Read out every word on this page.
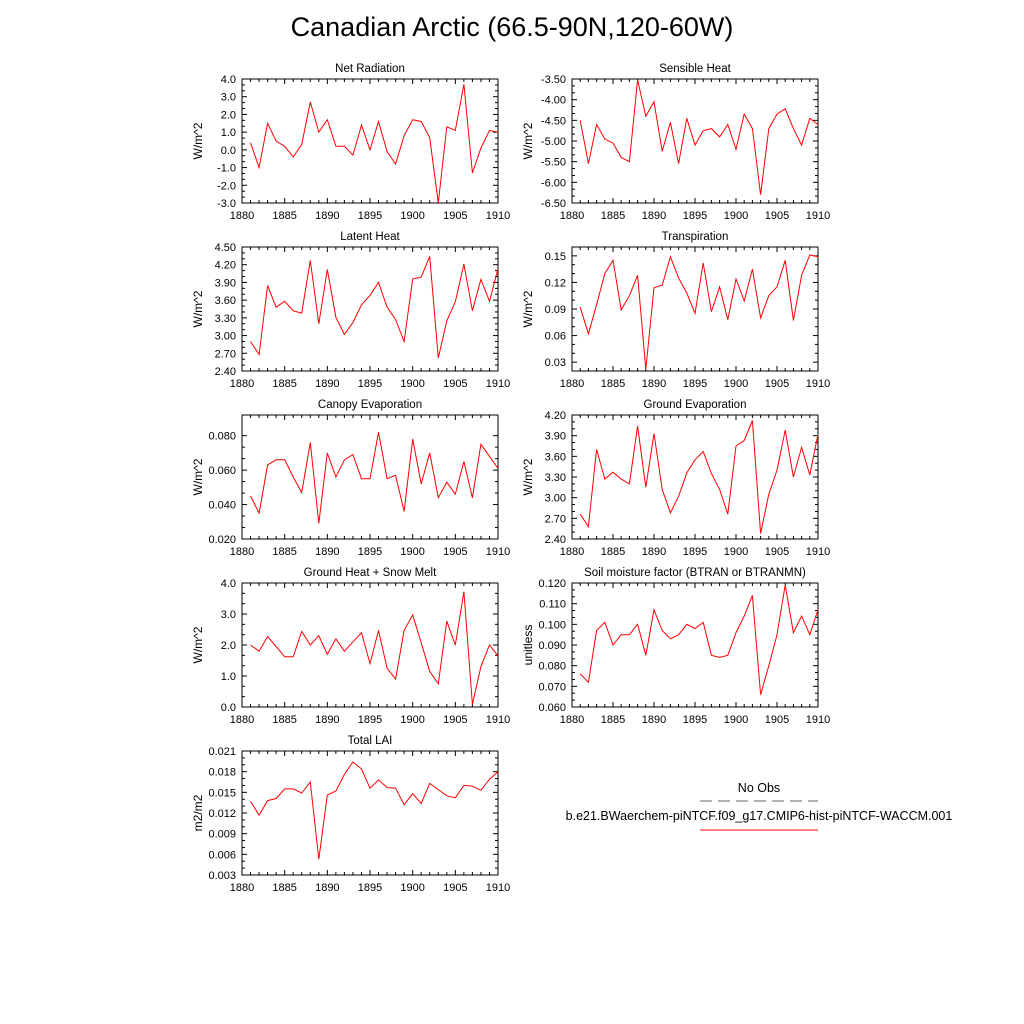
Canadian Arctic (66.5-90N,120-60W)
Net Radiation
W/m^2
1880 1885 1890 1895 1900 1905 1910
4.0
3.0
2.0
1.0
0.0
-1.0
-2.0
-3.0
Sensible Heat
W/m^2
1880 1885 1890 1895 1900 1905 1910
-3.50
-4.00
-4.50
-5.00
-5.50
-6.00
-6.50
Latent Heat
W/m^2
1880 1885 1890 1895 1900 1905 1910
4.50
4.20
3.90
3.60
3.30
3.00
2.70
2.40
Transpiration
W/m^2
1880 1885 1890 1895 1900 1905 1910
0.15
0.12
0.09
0.06
0.03
Canopy Evaporation
W/m^2
1880 1885 1890 1895 1900 1905 1910
0.080
0.060
0.040
0.020
Ground Evaporation
W/m^2
1880 1885 1890 1895 1900 1905 1910
4.20
3.90
3.60
3.30
3.00
2.70
2.40
Ground Heat + Snow Melt
W/m^2
1880 1885 1890 1895 1900 1905 1910
4.0
3.0
2.0
1.0
0.0
Soil moisture factor (BTRAN or BTRANMN)
unitless
1880 1885 1890 1895 1900 1905 1910
0.120
0.110
0.100
0.090
0.080
0.070
0.060
Total LAI
m2/m2
1880 1885 1890 1895 1900 1905 1910
0.021
0.018
0.015
0.012
0.009
0.006
0.003
No Obs
b.e21.BWaerchem-piNTCF.f09_g17.CMIP6-hist-piNTCF-WACCM.001
